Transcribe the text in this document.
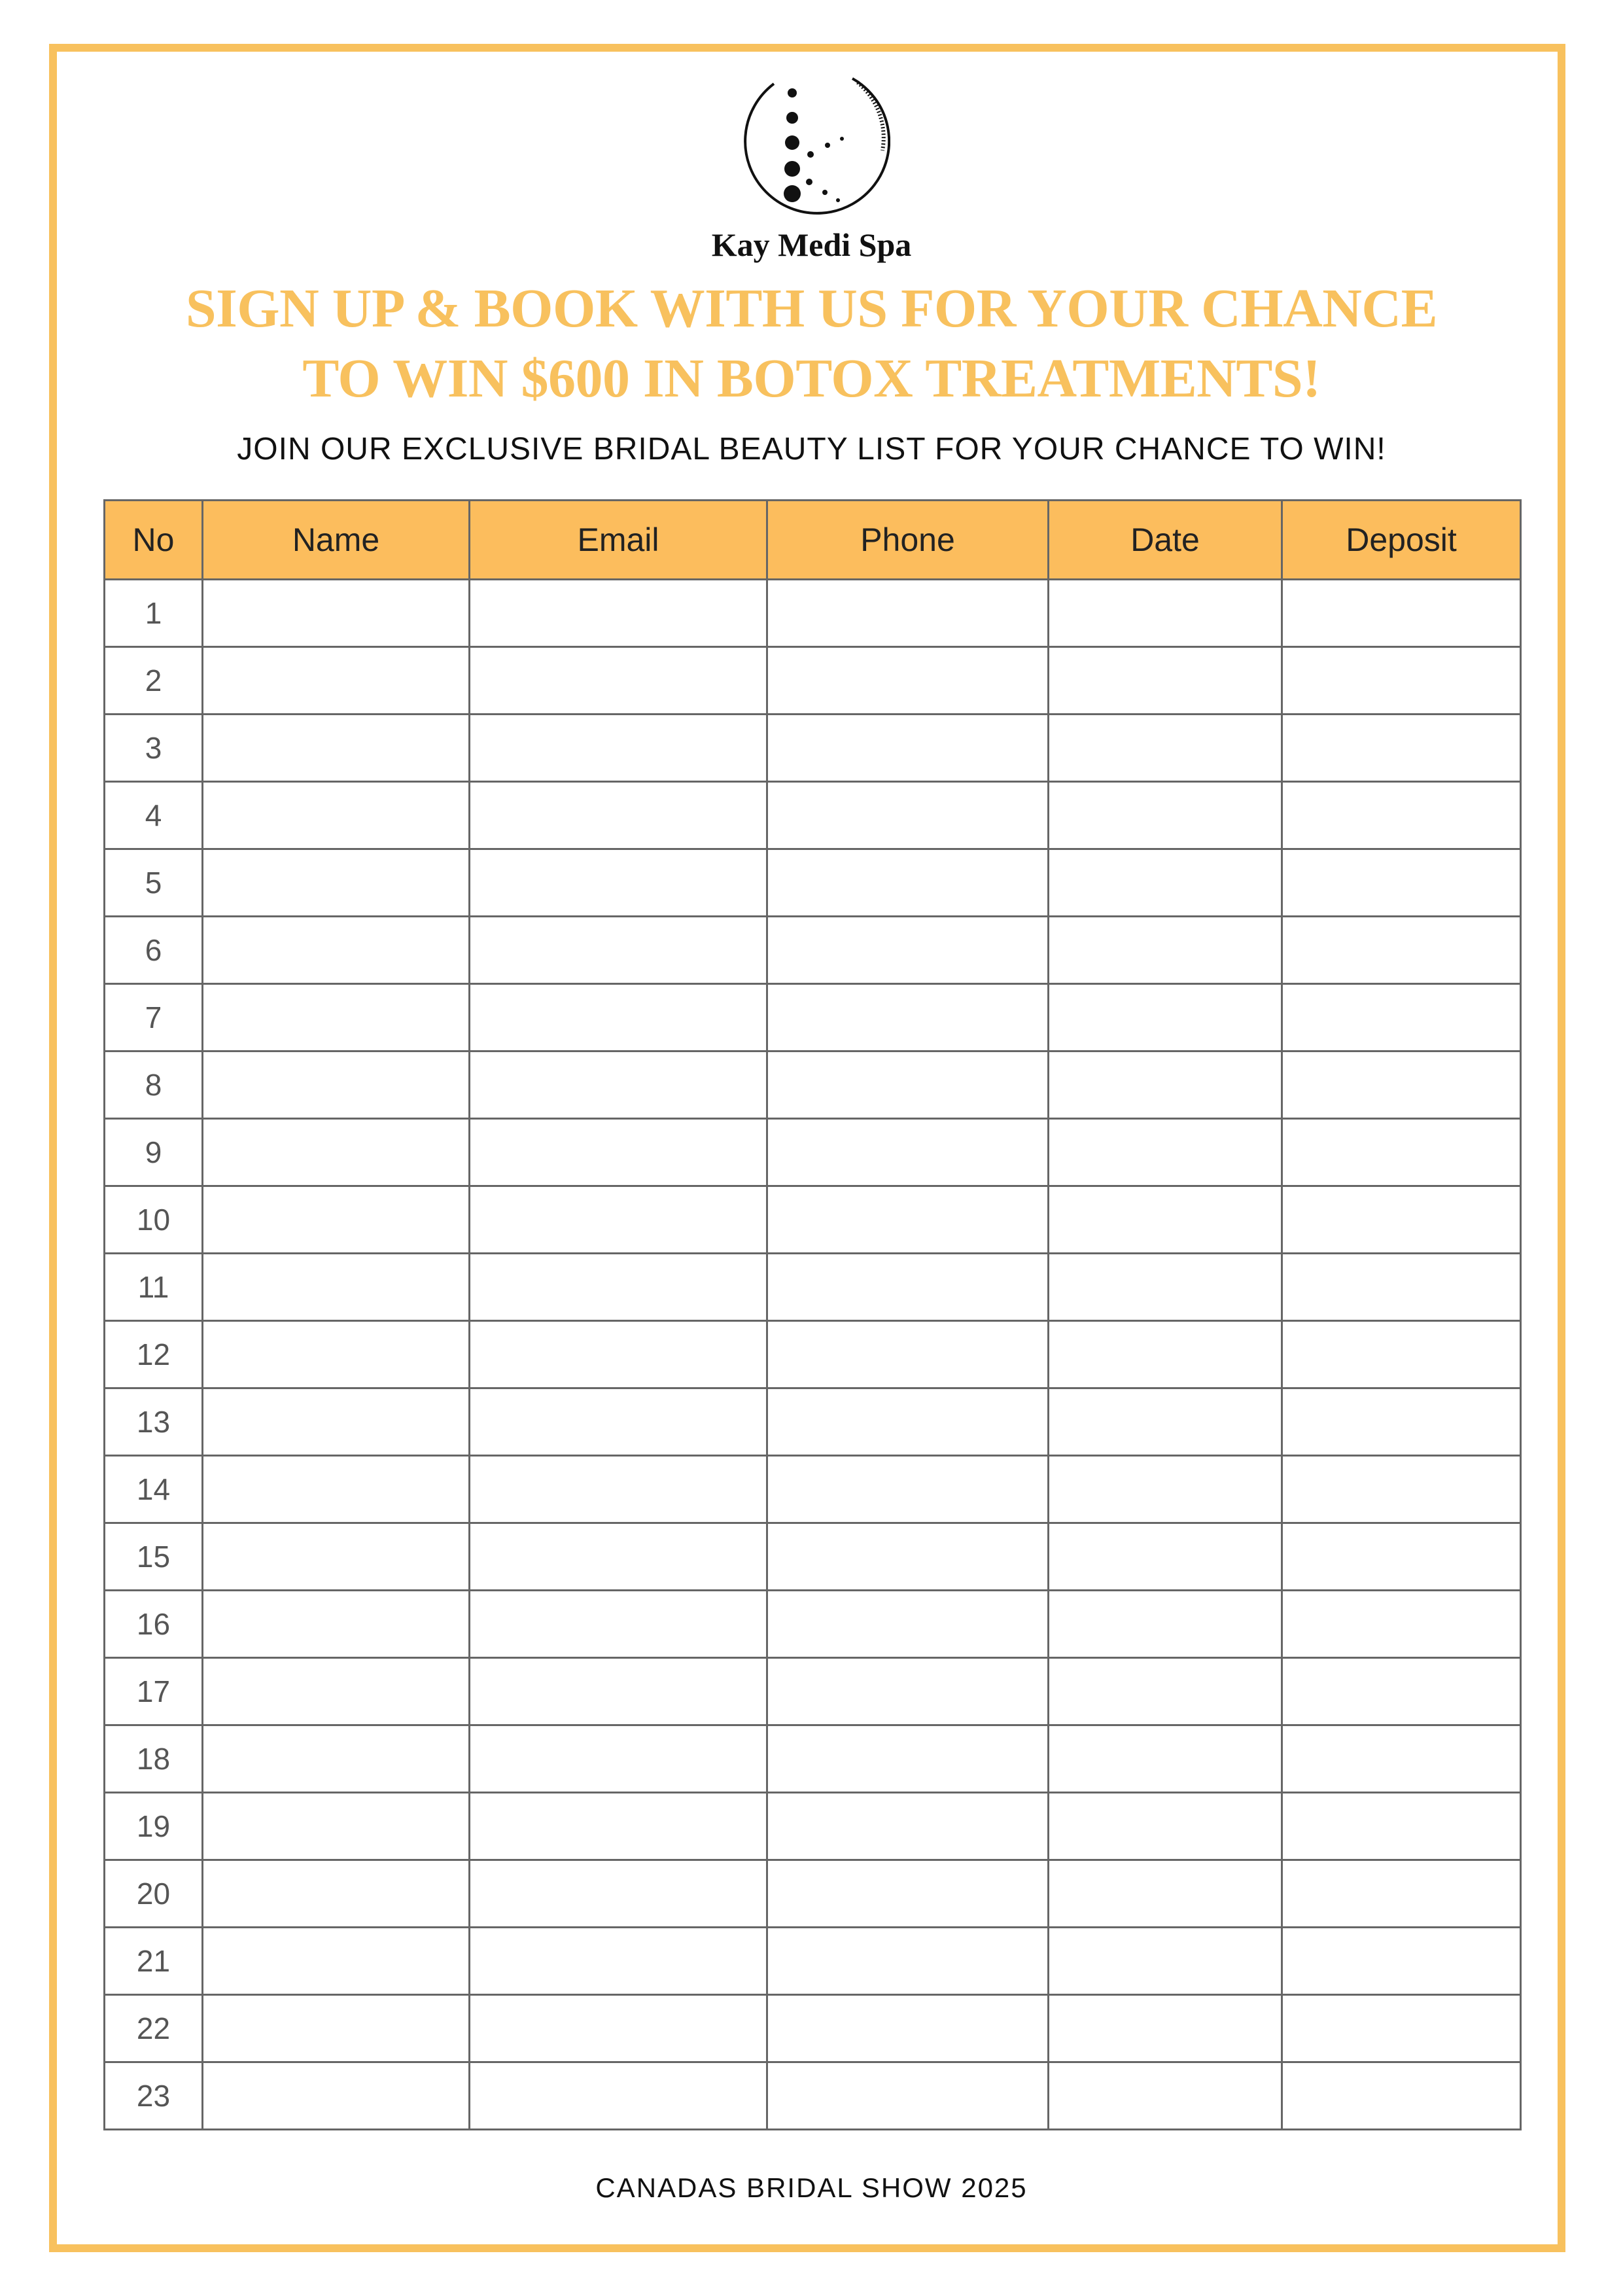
Kay Medi Spa
SIGN UP & BOOK WITH US FOR YOUR CHANCE
TO WIN $600 IN BOTOX TREATMENTS!
JOIN OUR EXCLUSIVE BRIDAL BEAUTY LIST FOR YOUR CHANCE TO WIN!
No	Name	Email	Phone	Date	Deposit
1					
2					
3					
4					
5					
6					
7					
8					
9					
10					
11					
12					
13					
14					
15					
16					
17					
18					
19					
20					
21					
22					
23					
CANADAS BRIDAL SHOW 2025
